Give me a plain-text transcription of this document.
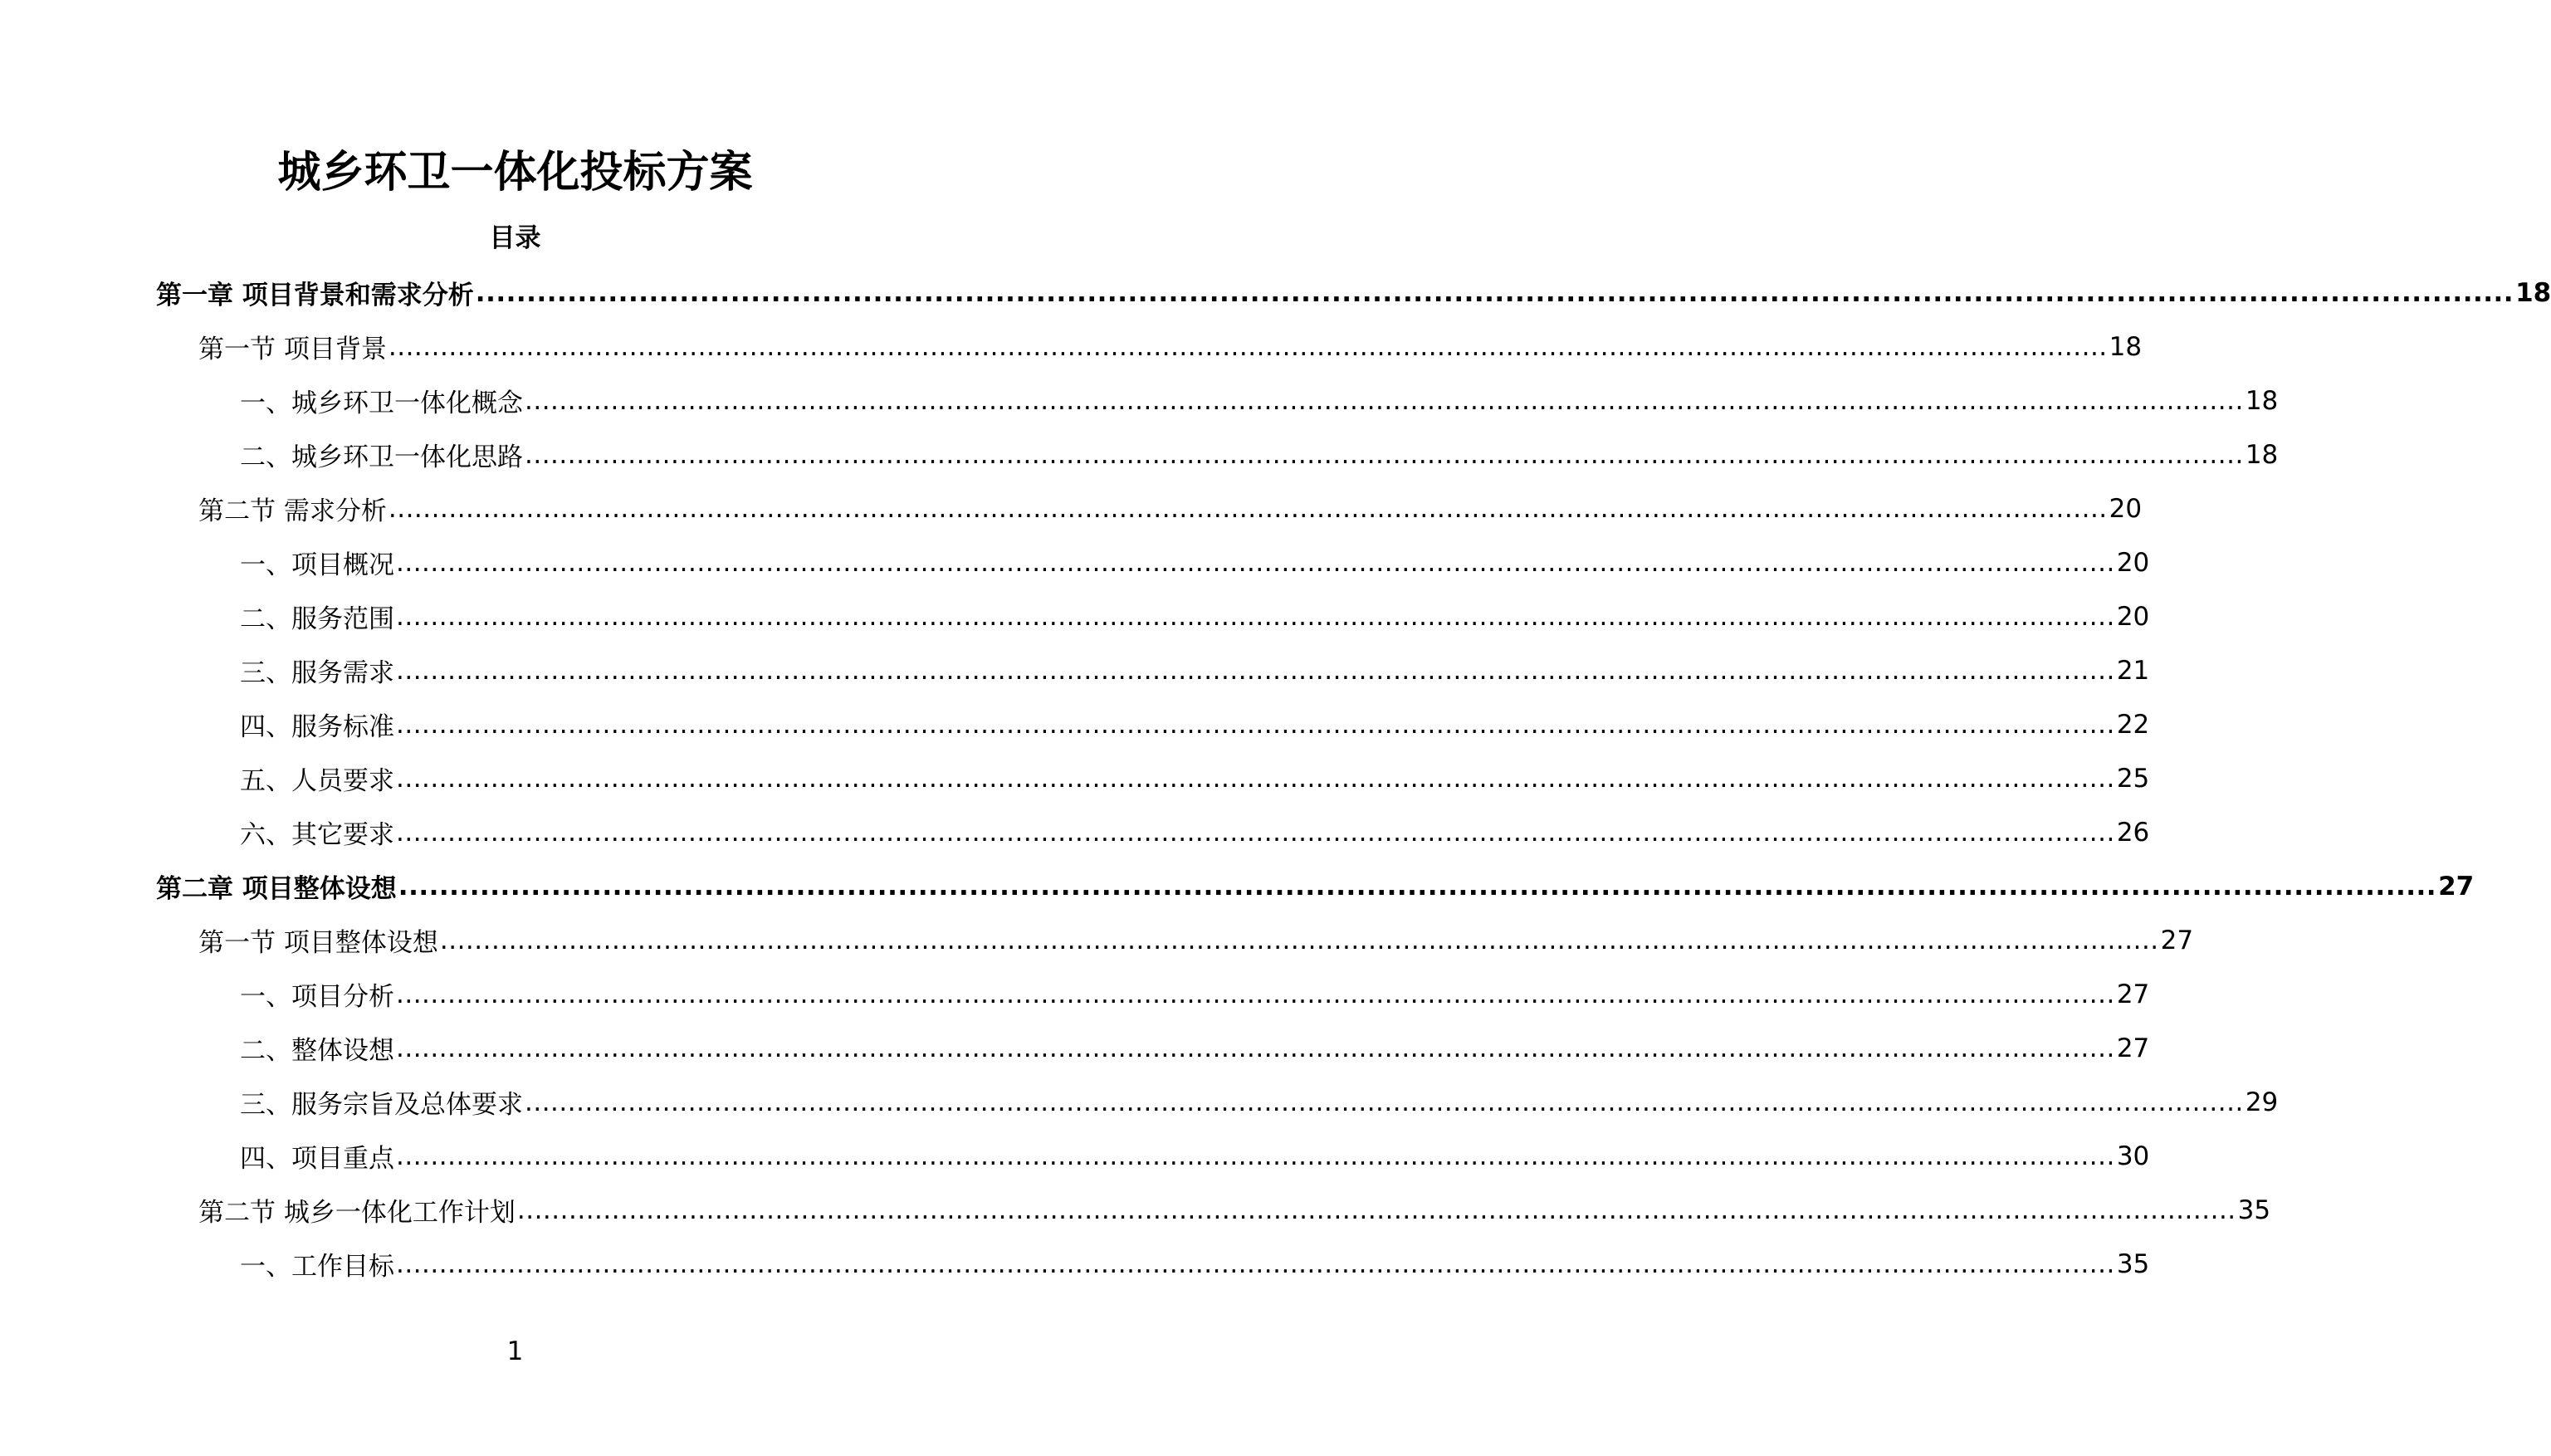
城乡环卫一体化投标方案
目录
第一章 项目背景和需求分析 ........................................................................................................................................................................................................ 18
第一节 项目背景 ........................................................................................................................................................................................................ 18
一、城乡环卫一体化概念 ........................................................................................................................................................................................................ 18
二、城乡环卫一体化思路 ........................................................................................................................................................................................................ 18
第二节 需求分析 ........................................................................................................................................................................................................ 20
一、项目概况 ........................................................................................................................................................................................................ 20
二、服务范围 ........................................................................................................................................................................................................ 20
三、服务需求 ........................................................................................................................................................................................................ 21
四、服务标准 ........................................................................................................................................................................................................ 22
五、人员要求 ........................................................................................................................................................................................................ 25
六、其它要求 ........................................................................................................................................................................................................ 26
第二章 项目整体设想 ........................................................................................................................................................................................................ 27
第一节 项目整体设想 ........................................................................................................................................................................................................ 27
一、项目分析 ........................................................................................................................................................................................................ 27
二、整体设想 ........................................................................................................................................................................................................ 27
三、服务宗旨及总体要求 ........................................................................................................................................................................................................ 29
四、项目重点 ........................................................................................................................................................................................................ 30
第二节 城乡一体化工作计划 ........................................................................................................................................................................................................ 35
一、工作目标 ........................................................................................................................................................................................................ 35
1
